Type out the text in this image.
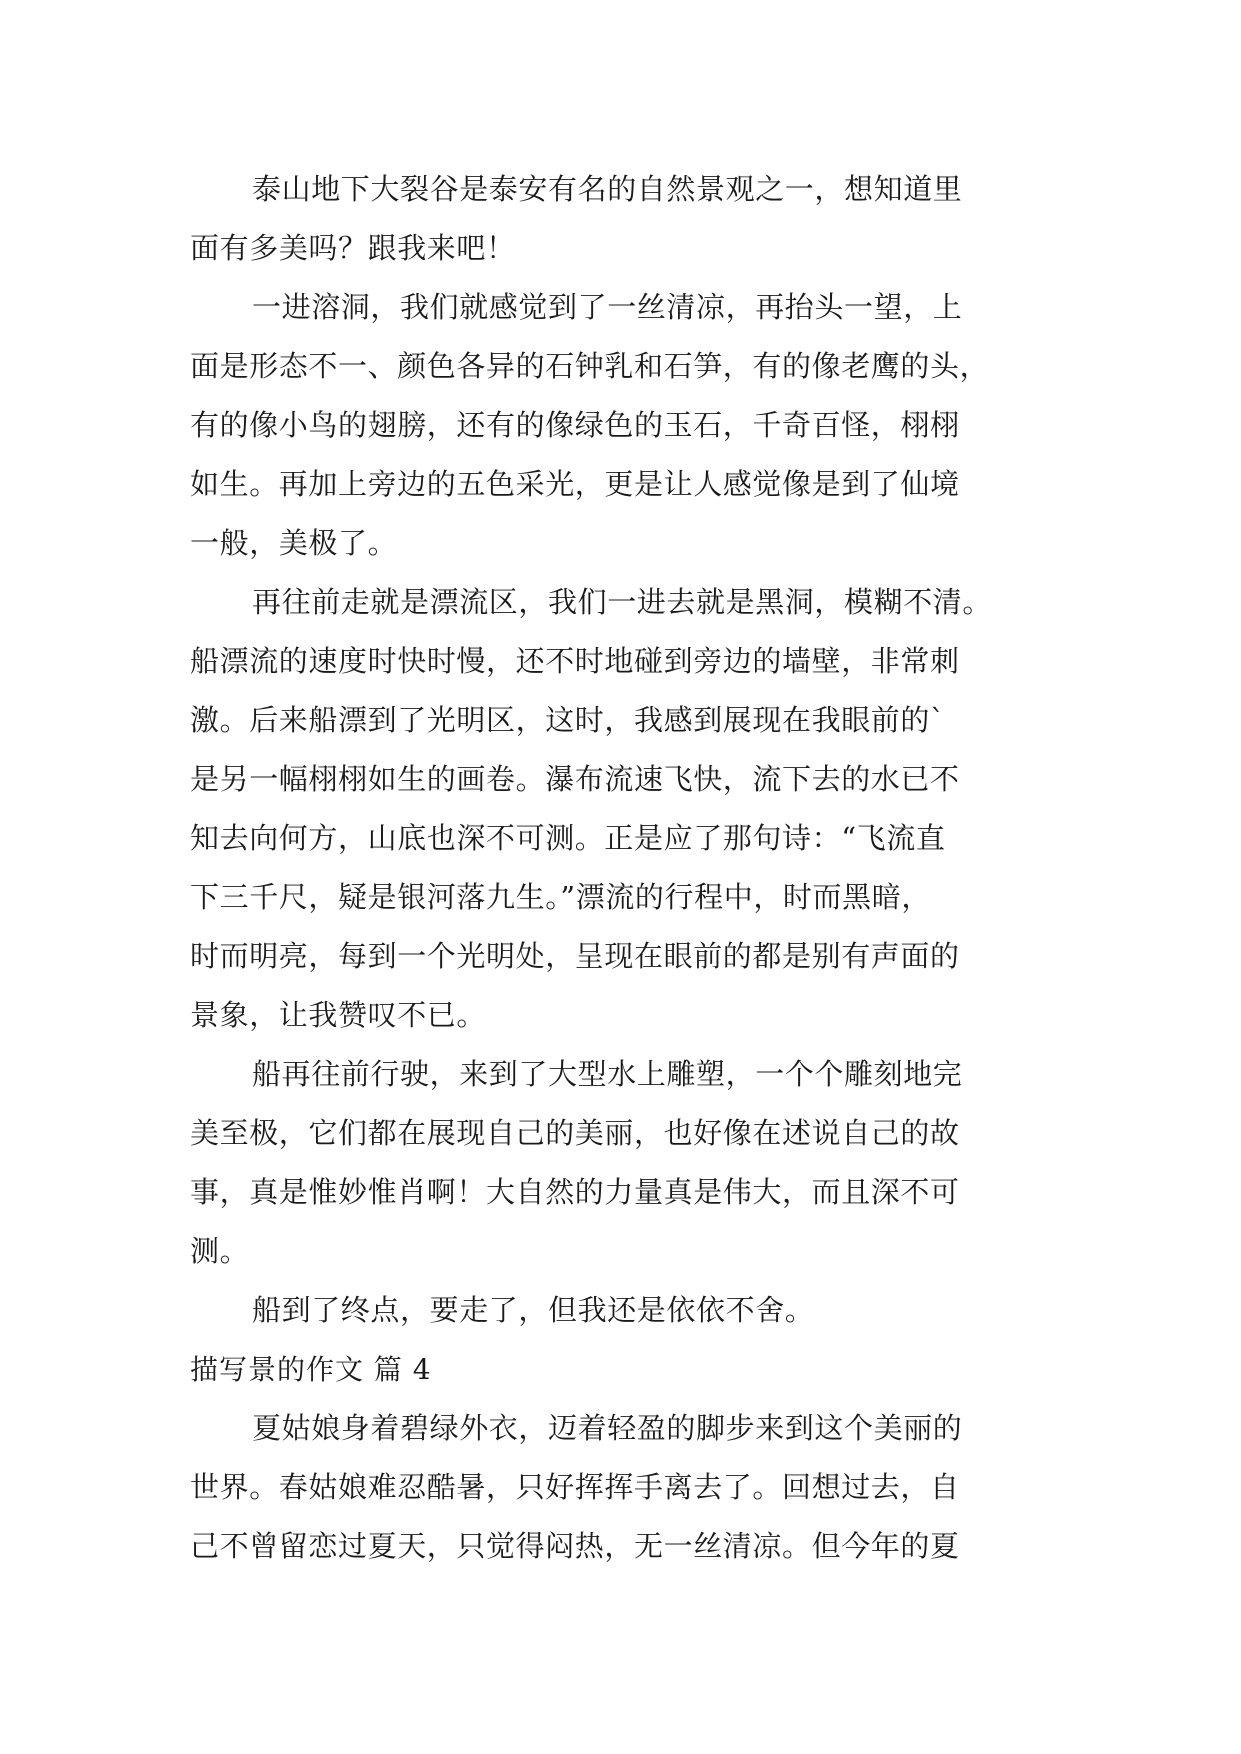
泰山地下大裂谷是泰安有名的自然景观之一，想知道里
面有多美吗？跟我来吧！
一进溶洞，我们就感觉到了一丝清凉，再抬头一望，上
面是形态不一、颜色各异的石钟乳和石笋，有的像老鹰的头，
有的像小鸟的翅膀，还有的像绿色的玉石，千奇百怪，栩栩
如生。再加上旁边的五色采光，更是让人感觉像是到了仙境
一般，美极了。
再往前走就是漂流区，我们一进去就是黑洞，模糊不清。
船漂流的速度时快时慢，还不时地碰到旁边的墙壁，非常刺
激。后来船漂到了光明区，这时，我感到展现在我眼前的`
是另一幅栩栩如生的画卷。瀑布流速飞快，流下去的水已不
知去向何方，山底也深不可测。正是应了那句诗：“飞流直
下三千尺，疑是银河落九生。”漂流的行程中，时而黑暗，
时而明亮，每到一个光明处，呈现在眼前的都是别有声面的
景象，让我赞叹不已。
船再往前行驶，来到了大型水上雕塑，一个个雕刻地完
美至极，它们都在展现自己的美丽，也好像在述说自己的故
事，真是惟妙惟肖啊！大自然的力量真是伟大，而且深不可
测。
船到了终点，要走了，但我还是依依不舍。
描写景的作文 篇 4
夏姑娘身着碧绿外衣，迈着轻盈的脚步来到这个美丽的
世界。春姑娘难忍酷暑，只好挥挥手离去了。回想过去，自
己不曾留恋过夏天，只觉得闷热，无一丝清凉。但今年的夏
